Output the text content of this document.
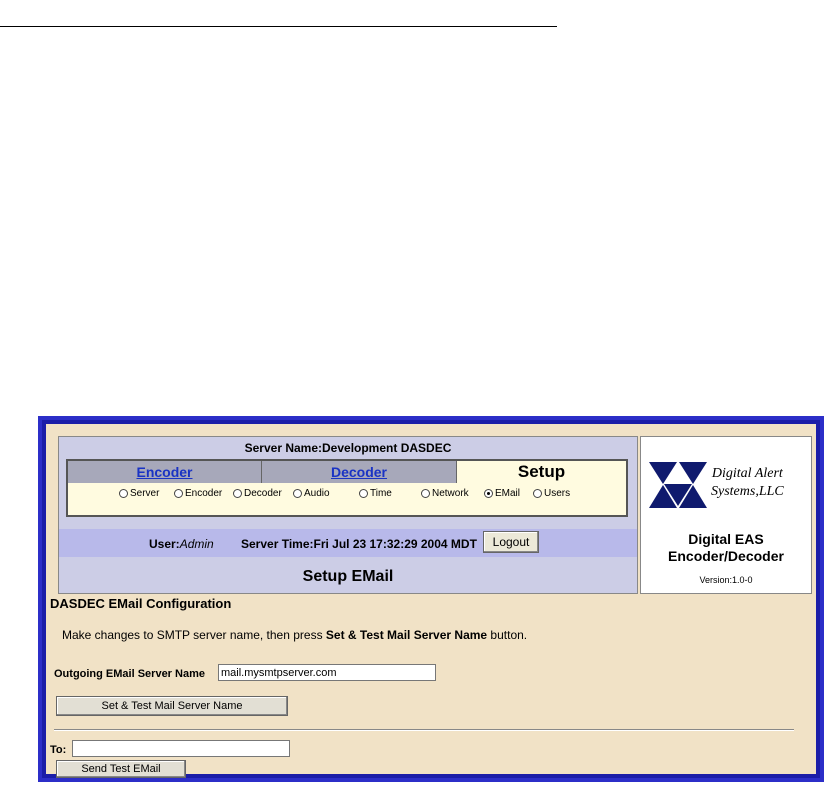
Server Name:Development DASDEC
Encoder	Decoder	Setup
Server	Encoder Decoder Audio	Time	Network	EMail Users
User:Admin Server Time:Fri Jul 23 17:32:29 2004 MDT	Logout
Setup EMail
Digital Alert
Systems,LLC
Digital EAS
Encoder/Decoder
Version:1.0-0
DASDEC EMail Configuration
Make changes to SMTP server name, then press Set & Test Mail Server Name button.
Outgoing EMail Server Name
mail.mysmtpserver.com
Set & Test Mail Server Name
To:
Send Test EMail
